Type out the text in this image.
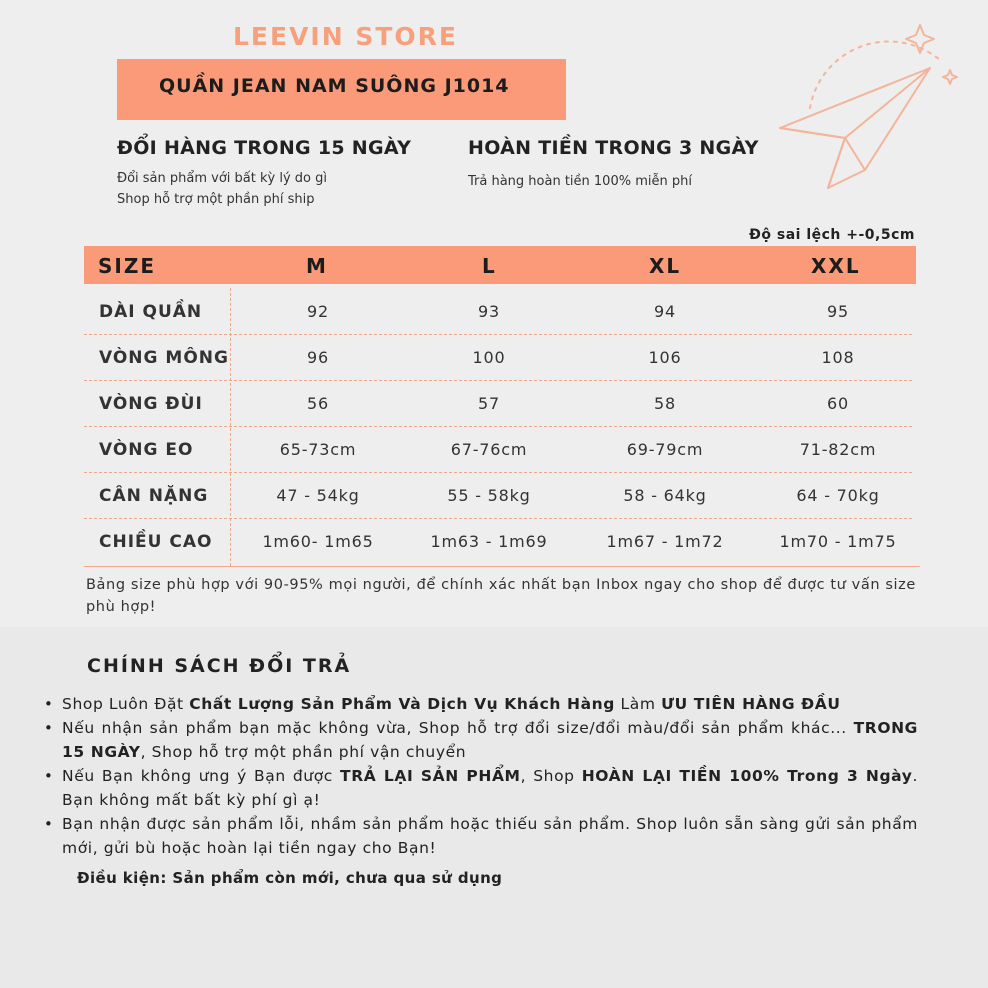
LEEVIN STORE
QUẦN JEAN NAM SUÔNG J1014
ĐỔI HÀNG TRONG 15 NGÀY
Đổi sản phẩm với bất kỳ lý do gì
Shop hỗ trợ một phần phí ship
HOÀN TIỀN TRONG 3 NGÀY
Trả hàng hoàn tiền 100% miễn phí
Độ sai lệch +-0,5cm
SIZE	M	L	XL	XXL
DÀI QUẦN	92	93	94	95
VÒNG MÔNG	96	100	106	108
VÒNG ĐÙI	56	57	58	60
VÒNG EO	65-73cm	67-76cm	69-79cm	71-82cm
CÂN NẶNG	47 - 54kg	55 - 58kg	58 - 64kg	64 - 70kg
CHIỀU CAO	1m60- 1m65	1m63 - 1m69	1m67 - 1m72	1m70 - 1m75
Bảng size phù hợp với 90-95% mọi người, để chính xác nhất bạn Inbox ngay cho shop để được tư vấn size phù hợp!
CHÍNH SÁCH ĐỔI TRẢ
• Shop Luôn Đặt Chất Lượng Sản Phẩm Và Dịch Vụ Khách Hàng Làm ƯU TIÊN HÀNG ĐẦU
• Nếu nhận sản phẩm bạn mặc không vừa, Shop hỗ trợ đổi size/đổi màu/đổi sản phẩm khác... TRONG 15 NGÀY, Shop hỗ trợ một phần phí vận chuyển
• Nếu Bạn không ưng ý Bạn được TRẢ LẠI SẢN PHẨM, Shop HOÀN LẠI TIỀN 100% Trong 3 Ngày. Bạn không mất bất kỳ phí gì ạ!
• Bạn nhận được sản phẩm lỗi, nhầm sản phẩm hoặc thiếu sản phẩm. Shop luôn sẵn sàng gửi sản phẩm mới, gửi bù hoặc hoàn lại tiền ngay cho Bạn!
Điều kiện: Sản phẩm còn mới, chưa qua sử dụng
